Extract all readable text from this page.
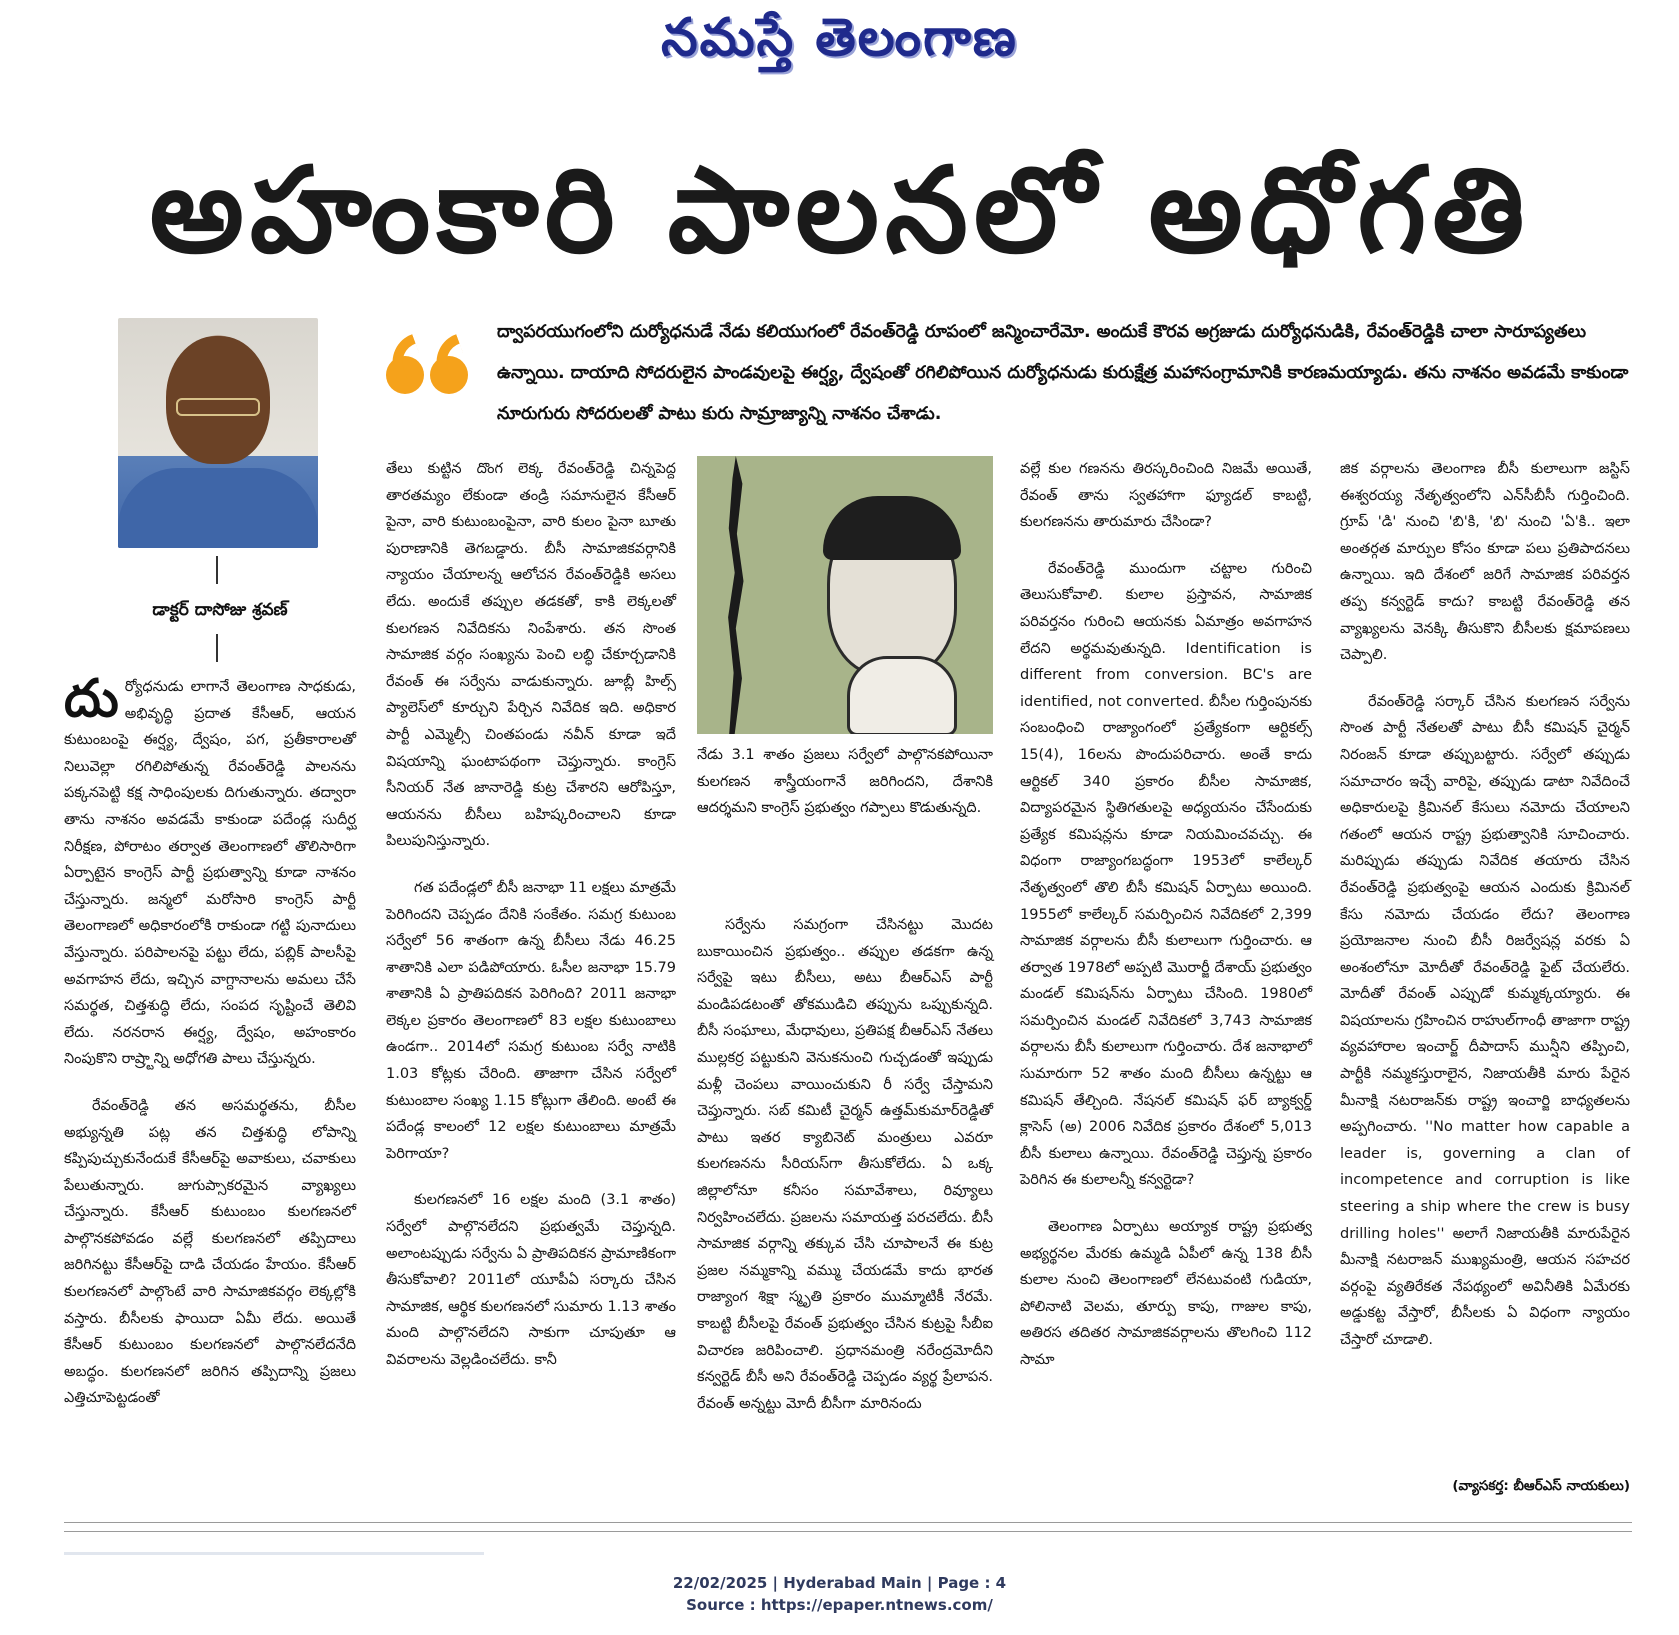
నమస్తే తెలంగాణ
అహంకారి పాలనలో అధోగతి
డాక్టర్ దాసోజు శ్రవణ్
ద్వాపరయుగంలోని దుర్యోధనుడే నేడు కలియుగంలో రేవంత్‌రెడ్డి రూపంలో జన్మించారేమో. అందుకే కౌరవ అగ్రజుడు దుర్యోధనుడికి, రేవంత్‌రెడ్డికి చాలా సారూప్యతలు ఉన్నాయి. దాయాది సోదరులైన పాండవులపై ఈర్ష్య, ద్వేషంతో రగిలిపోయిన దుర్యోధనుడు కురుక్షేత్ర మహాసంగ్రామానికి కారణమయ్యాడు. తను నాశనం అవడమే కాకుండా నూరుగురు సోదరులతో పాటు కురు సామ్రాజ్యాన్ని నాశనం చేశాడు.

దుర్యోధనుడు లాగానే తెలంగాణ సాధకుడు, అభివృద్ధి ప్రదాత కేసీఆర్, ఆయన కుటుంబంపై ఈర్ష్య, ద్వేషం, పగ, ప్రతీకారాలతో నిలువెల్లా రగిలిపోతున్న రేవంత్‌రెడ్డి పాలనను పక్కనపెట్టి కక్ష సాధింపులకు దిగుతున్నారు. తద్వారా తాను నాశనం అవడమే కాకుండా పదేండ్ల సుదీర్ఘ నిరీక్షణ, పోరాటం తర్వాత తెలంగాణలో తొలిసారిగా ఏర్పాటైన కాంగ్రెస్ పార్టీ ప్రభుత్వాన్ని కూడా నాశనం చేస్తున్నారు. జన్మలో మరోసారి కాంగ్రెస్ పార్టీ తెలంగాణలో అధికారంలోకి రాకుండా గట్టి పునాదులు వేస్తున్నారు. పరిపాలనపై పట్టు లేదు, పబ్లిక్ పాలసీపై అవగాహన లేదు, ఇచ్చిన వాగ్దానాలను అమలు చేసే సమర్థత, చిత్తశుద్ధి లేదు, సంపద సృష్టించే తెలివి లేదు. నరనరాన ఈర్ష్య, ద్వేషం, అహంకారం నింపుకొని రాష్ర్టాన్ని అధోగతి పాలు చేస్తున్నరు.

రేవంత్‌రెడ్డి తన అసమర్థతను, బీసీల అభ్యున్నతి పట్ల తన చిత్తశుద్ధి లోపాన్ని కప్పిపుచ్చుకునేందుకే కేసీఆర్‌పై అవాకులు, చవాకులు పేలుతున్నారు. జుగుప్సాకరమైన వ్యాఖ్యలు చేస్తున్నారు. కేసీఆర్ కుటుంబం కులగణనలో పాల్గొనకపోవడం వల్లే కులగణనలో తప్పిదాలు జరిగినట్టు కేసీఆర్‌పై దాడి చేయడం హేయం. కేసీఆర్ కులగణనలో పాల్గొంటే వారి సామాజికవర్గం లెక్కల్లోకి వస్తారు. బీసీలకు ఫాయిదా ఏమీ లేదు. అయితే కేసీఆర్ కుటుంబం కులగణనలో పాల్గొనలేదనేది అబద్ధం. కులగణనలో జరిగిన తప్పిదాన్ని ప్రజలు ఎత్తిచూపెట్టడంతో

తేలు కుట్టిన దొంగ లెక్క రేవంత్‌రెడ్డి చిన్నపెద్ద తారతమ్యం లేకుండా తండ్రి సమానులైన కేసీఆర్ పైనా, వారి కుటుంబంపైనా, వారి కులం పైనా బూతు పురాణానికి తెగబడ్డారు. బీసీ సామాజికవర్గానికి న్యాయం చేయాలన్న ఆలోచన రేవంత్‌రెడ్డికి అసలు లేదు. అందుకే తప్పుల తడకతో, కాకి లెక్కలతో కులగణన నివేదికను నింపేశారు. తన సొంత సామాజిక వర్గం సంఖ్యను పెంచి లబ్ధి చేకూర్చడానికి రేవంత్ ఈ సర్వేను వాడుకున్నారు. జూబ్లీ హిల్స్ ప్యాలెస్‌లో కూర్చుని పేర్చిన నివేదిక ఇది. అధికార పార్టీ ఎమ్మెల్సీ చింతపండు నవీన్ కూడా ఇదే విషయాన్ని ఘంటాపథంగా చెప్తున్నారు. కాంగ్రెస్ సీనియర్ నేత జానారెడ్డి కుట్ర చేశారని ఆరోపిస్తూ, ఆయనను బీసీలు బహిష్కరించాలని కూడా పిలుపునిస్తున్నారు.

గత పదేండ్లలో బీసీ జనాభా 11 లక్షలు మాత్రమే పెరిగిందని చెప్పడం దేనికి సంకేతం. సమగ్ర కుటుంబ సర్వేలో 56 శాతంగా ఉన్న బీసీలు నేడు 46.25 శాతానికి ఎలా పడిపోయారు. ఓసీల జనాభా 15.79 శాతానికి ఏ ప్రాతిపదికన పెరిగింది? 2011 జనాభా లెక్కల ప్రకారం తెలంగాణలో 83 లక్షల కుటుంబాలు ఉండగా.. 2014లో సమగ్ర కుటుంబ సర్వే నాటికి 1.03 కోట్లకు చేరింది. తాజాగా చేసిన సర్వేలో కుటుంబాల సంఖ్య 1.15 కోట్లుగా తేలింది. అంటే ఈ పదేండ్ల కాలంలో 12 లక్షల కుటుంబాలు మాత్రమే పెరిగాయా?

కులగణనలో 16 లక్షల మంది (3.1 శాతం) సర్వేలో పాల్గొనలేదని ప్రభుత్వమే చెప్తున్నది. అలాంటప్పుడు సర్వేను ఏ ప్రాతిపదికన ప్రామాణికంగా తీసుకోవాలి? 2011లో యూపీఏ సర్కారు చేసిన సామాజిక, ఆర్థిక కులగణనలో సుమారు 1.13 శాతం మంది పాల్గొనలేదని సాకుగా చూపుతూ ఆ వివరాలను వెల్లడించలేదు. కానీ

నేడు 3.1 శాతం ప్రజలు సర్వేలో పాల్గొనకపోయినా కులగణన శాస్త్రీయంగానే జరిగిందని, దేశానికి ఆదర్శమని కాంగ్రెస్ ప్రభుత్వం గప్పాలు కొడుతున్నది.

సర్వేను సమగ్రంగా చేసినట్టు మొదట బుకాయించిన ప్రభుత్వం.. తప్పుల తడకగా ఉన్న సర్వేపై ఇటు బీసీలు, అటు బీఆర్‌ఎస్ పార్టీ మండిపడటంతో తోకముడిచి తప్పును ఒప్పుకున్నది. బీసీ సంఘాలు, మేధావులు, ప్రతిపక్ష బీఆర్‌ఎస్ నేతలు ముల్లకర్ర పట్టుకుని వెనుకనుంచి గుచ్చడంతో ఇప్పుడు మళ్లీ చెంపలు వాయించుకుని రీ సర్వే చేస్తామని చెప్తున్నారు. సబ్ కమిటీ చైర్మన్ ఉత్తమ్‌కుమార్‌రెడ్డితో పాటు ఇతర క్యాబినెట్ మంత్రులు ఎవరూ కులగణనను సీరియస్‌గా తీసుకోలేదు. ఏ ఒక్క జిల్లాలోనూ కనీసం సమావేశాలు, రివ్యూలు నిర్వహించలేదు. ప్రజలను సమాయత్త పరచలేదు. బీసీ సామాజిక వర్గాన్ని తక్కువ చేసి చూపాలనే ఈ కుట్ర ప్రజల నమ్మకాన్ని వమ్ము చేయడమే కాదు భారత రాజ్యాంగ శిక్షా స్మృతి ప్రకారం ముమ్మాటికీ నేరమే. కాబట్టి బీసీలపై రేవంత్ ప్రభుత్వం చేసిన కుట్రపై సీబీఐ విచారణ జరిపించాలి. ప్రధానమంత్రి నరేంద్రమోదీని కన్వర్టెడ్ బీసీ అని రేవంత్‌రెడ్డి చెప్పడం వ్యర్థ ప్రేలాపన. రేవంత్ అన్నట్టు మోదీ బీసీగా మారినందు

వల్లే కుల గణనను తిరస్కరించింది నిజమే అయితే, రేవంత్ తాను స్వతహాగా ఫ్యూడల్ కాబట్టి, కులగణనను తారుమారు చేసిండా?

రేవంత్‌రెడ్డి ముందుగా చట్టాల గురించి తెలుసుకోవాలి. కులాల ప్రస్తావన, సామాజిక పరివర్తనం గురించి ఆయనకు ఏమాత్రం అవగాహన లేదని అర్థమవుతున్నది. Identification is different from conversion. BC's are identified, not converted. బీసీల గుర్తింపునకు సంబంధించి రాజ్యాంగంలో ప్రత్యేకంగా ఆర్టికల్స్ 15(4), 16లను పొందుపరిచారు. అంతే కాదు ఆర్టికల్ 340 ప్రకారం బీసీల సామాజిక, విద్యాపరమైన స్థితిగతులపై అధ్యయనం చేసేందుకు ప్రత్యేక కమిషన్లను కూడా నియమించవచ్చు. ఈ విధంగా రాజ్యాంగబద్ధంగా 1953లో కాలేల్కర్ నేతృత్వంలో తొలి బీసీ కమిషన్ ఏర్పాటు అయింది. 1955లో కాలేల్కర్ సమర్పించిన నివేదికలో 2,399 సామాజిక వర్గాలను బీసీ కులాలుగా గుర్తించారు. ఆ తర్వాత 1978లో అప్పటి మొరార్జీ దేశాయ్ ప్రభుత్వం మండల్ కమిషన్‌ను ఏర్పాటు చేసింది. 1980లో సమర్పించిన మండల్ నివేదికలో 3,743 సామాజిక వర్గాలను బీసీ కులాలుగా గుర్తించారు. దేశ జనాభాలో సుమారుగా 52 శాతం మంది బీసీలు ఉన్నట్టు ఆ కమిషన్ తేల్చింది. నేషనల్ కమిషన్ ఫర్ బ్యాక్వర్డ్ క్లాసెస్ (అ) 2006 నివేదిక ప్రకారం దేశంలో 5,013 బీసీ కులాలు ఉన్నాయి. రేవంత్‌రెడ్డి చెప్తున్న ప్రకారం పెరిగిన ఈ కులాలన్నీ కన్వర్టెడా?

తెలంగాణ ఏర్పాటు అయ్యాక రాష్ట్ర ప్రభుత్వ అభ్యర్థనల మేరకు ఉమ్మడి ఏపీలో ఉన్న 138 బీసీ కులాల నుంచి తెలంగాణలో లేనటువంటి గుడియా, పోలినాటి వెలమ, తూర్పు కాపు, గాజుల కాపు, అతిరస తదితర సామాజికవర్గాలను తొలగించి 112 సామా

జిక వర్గాలను తెలంగాణ బీసీ కులాలుగా జస్టిస్ ఈశ్వరయ్య నేతృత్వంలోని ఎన్‌సీబీసీ గుర్తించింది. గ్రూప్ 'డి' నుంచి 'బి'కి, 'బి' నుంచి 'ఏ'కి.. ఇలా అంతర్గత మార్పుల కోసం కూడా పలు ప్రతిపాదనలు ఉన్నాయి. ఇది దేశంలో జరిగే సామాజిక పరివర్తన తప్ప కన్వర్టెడ్ కాదు? కాబట్టి రేవంత్‌రెడ్డి తన వ్యాఖ్యలను వెనక్కి తీసుకొని బీసీలకు క్షమాపణలు చెప్పాలి.

రేవంత్‌రెడ్డి సర్కార్ చేసిన కులగణన సర్వేను సొంత పార్టీ నేతలతో పాటు బీసీ కమిషన్ చైర్మన్ నిరంజన్ కూడా తప్పుబట్టారు. సర్వేలో తప్పుడు సమాచారం ఇచ్చే వారిపై, తప్పుడు డాటా నివేదించే అధికారులపై క్రిమినల్ కేసులు నమోదు చేయాలని గతంలో ఆయన రాష్ట్ర ప్రభుత్వానికి సూచించారు. మరిప్పుడు తప్పుడు నివేదిక తయారు చేసిన రేవంత్‌రెడ్డి ప్రభుత్వంపై ఆయన ఎందుకు క్రిమినల్ కేసు నమోదు చేయడం లేదు? తెలంగాణ ప్రయోజనాల నుంచి బీసీ రిజర్వేషన్ల వరకు ఏ అంశంలోనూ మోదీతో రేవంత్‌రెడ్డి ఫైట్ చేయలేరు. మోదీతో రేవంత్ ఎప్పుడో కుమ్మక్కయ్యారు. ఈ విషయాలను గ్రహించిన రాహుల్‌గాంధీ తాజాగా రాష్ట్ర వ్యవహారాల ఇంచార్జ్ దీపాదాస్ మున్షీని తప్పించి, పార్టీకి నమ్మకస్తురాలైన, నిజాయతీకి మారు పేరైన మీనాక్షి నటరాజన్‌కు రాష్ట్ర ఇంచార్జి బాధ్యతలను అప్పగించారు. ''No matter how capable a leader is, governing a clan of incompetence and corruption is like steering a ship where the crew is busy drilling holes'' అలాగే నిజాయతీకి మారుపేరైన మీనాక్షి నటరాజన్ ముఖ్యమంత్రి, ఆయన సహచర వర్గంపై వ్యతిరేకత నేపథ్యంలో అవినీతికి ఏమేరకు అడ్డుకట్ట వేస్తారో, బీసీలకు ఏ విధంగా న్యాయం చేస్తారో చూడాలి.

(వ్యాసకర్త: బీఆర్‌ఎస్ నాయకులు)
22/02/2025 | Hyderabad Main | Page : 4
Source : https://epaper.ntnews.com/
